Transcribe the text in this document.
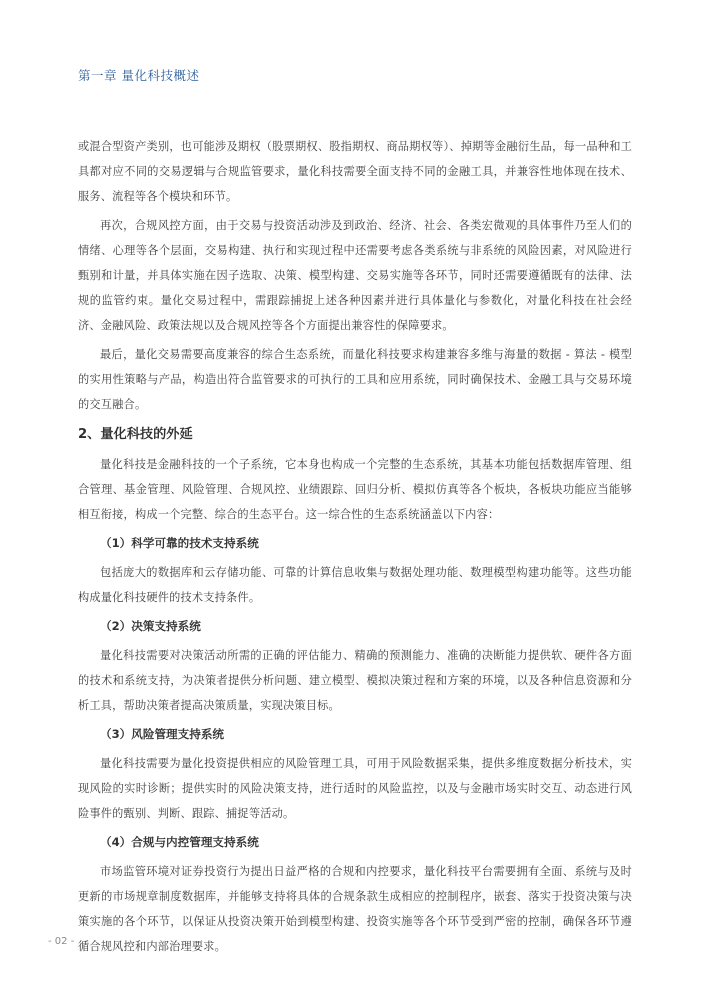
第一章 量化科技概述

或混合型资产类别，也可能涉及期权（股票期权、股指期权、商品期权等）、掉期等金融衍生品，每一品种和工具都对应不同的交易逻辑与合规监管要求，量化科技需要全面支持不同的金融工具，并兼容性地体现在技术、服务、流程等各个模块和环节。

再次，合规风控方面，由于交易与投资活动涉及到政治、经济、社会、各类宏微观的具体事件乃至人们的情绪、心理等各个层面，交易构建、执行和实现过程中还需要考虑各类系统与非系统的风险因素，对风险进行甄别和计量，并具体实施在因子选取、决策、模型构建、交易实施等各环节，同时还需要遵循既有的法律、法规的监管约束。量化交易过程中，需跟踪捕捉上述各种因素并进行具体量化与参数化，对量化科技在社会经济、金融风险、政策法规以及合规风控等各个方面提出兼容性的保障要求。

最后，量化交易需要高度兼容的综合生态系统，而量化科技要求构建兼容多维与海量的数据 - 算法 - 模型的实用性策略与产品，构造出符合监管要求的可执行的工具和应用系统，同时确保技术、金融工具与交易环境的交互融合。

2、量化科技的外延

量化科技是金融科技的一个子系统，它本身也构成一个完整的生态系统，其基本功能包括数据库管理、组合管理、基金管理、风险管理、合规风控、业绩跟踪、回归分析、模拟仿真等各个板块，各板块功能应当能够相互衔接，构成一个完整、综合的生态平台。这一综合性的生态系统涵盖以下内容：

（1）科学可靠的技术支持系统

包括庞大的数据库和云存储功能、可靠的计算信息收集与数据处理功能、数理模型构建功能等。这些功能构成量化科技硬件的技术支持条件。

（2）决策支持系统

量化科技需要对决策活动所需的正确的评估能力、精确的预测能力、准确的决断能力提供软、硬件各方面的技术和系统支持，为决策者提供分析问题、建立模型、模拟决策过程和方案的环境，以及各种信息资源和分析工具，帮助决策者提高决策质量，实现决策目标。

（3）风险管理支持系统

量化科技需要为量化投资提供相应的风险管理工具，可用于风险数据采集，提供多维度数据分析技术，实现风险的实时诊断；提供实时的风险决策支持，进行适时的风险监控，以及与金融市场实时交互、动态进行风险事件的甄别、判断、跟踪、捕捉等活动。

（4）合规与内控管理支持系统

市场监管环境对证券投资行为提出日益严格的合规和内控要求，量化科技平台需要拥有全面、系统与及时更新的市场规章制度数据库，并能够支持将具体的合规条款生成相应的控制程序，嵌套、落实于投资决策与决策实施的各个环节，以保证从投资决策开始到模型构建、投资实施等各个环节受到严密的控制，确保各环节遵循合规风控和内部治理要求。

- 02 -
